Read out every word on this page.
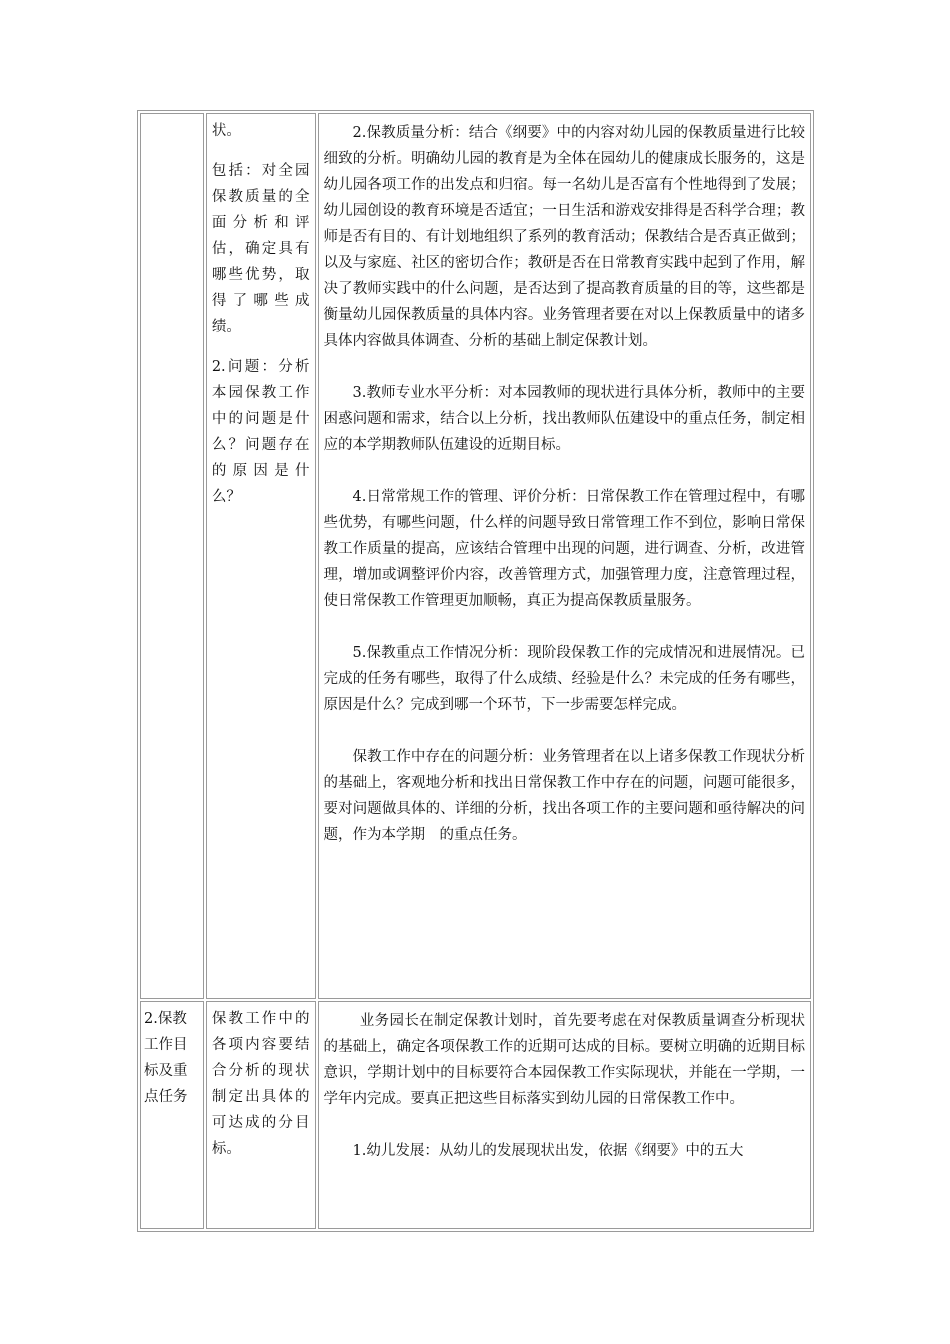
状。

包括：对全园保教质量的全面分析和评估，确定具有哪些优势，取得了哪些成绩。

2.问题：分析本园保教工作中的问题是什么？问题存在的原因是什么？

2.保教质量分析：结合《纲要》中的内容对幼儿园的保教质量进行比较细致的分析。明确幼儿园的教育是为全体在园幼儿的健康成长服务的，这是幼儿园各项工作的出发点和归宿。每一名幼儿是否富有个性地得到了发展；幼儿园创设的教育环境是否适宜；一日生活和游戏安排得是否科学合理；教师是否有目的、有计划地组织了系列的教育活动；保教结合是否真正做到；以及与家庭、社区的密切合作；教研是否在日常教育实践中起到了作用，解决了教师实践中的什么问题，是否达到了提高教育质量的目的等，这些都是衡量幼儿园保教质量的具体内容。业务管理者要在对以上保教质量中的诸多具体内容做具体调查、分析的基础上制定保教计划。

3.教师专业水平分析：对本园教师的现状进行具体分析，教师中的主要困惑问题和需求，结合以上分析，找出教师队伍建设中的重点任务，制定相应的本学期教师队伍建设的近期目标。

4.日常常规工作的管理、评价分析：日常保教工作在管理过程中，有哪些优势，有哪些问题，什么样的问题导致日常管理工作不到位，影响日常保教工作质量的提高，应该结合管理中出现的问题，进行调查、分析，改进管理，增加或调整评价内容，改善管理方式，加强管理力度，注意管理过程，使日常保教工作管理更加顺畅，真正为提高保教质量服务。

5.保教重点工作情况分析：现阶段保教工作的完成情况和进展情况。已完成的任务有哪些，取得了什么成绩、经验是什么？未完成的任务有哪些，原因是什么？完成到哪一个环节，下一步需要怎样完成。

保教工作中存在的问题分析：业务管理者在以上诸多保教工作现状分析的基础上，客观地分析和找出日常保教工作中存在的问题，问题可能很多，要对问题做具体的、详细的分析，找出各项工作的主要问题和亟待解决的问题，作为本学期　的重点任务。

2.保教工作目标及重点任务

保教工作中的各项内容要结合分析的现状制定出具体的可达成的分目标。

业务园长在制定保教计划时，首先要考虑在对保教质量调查分析现状的基础上，确定各项保教工作的近期可达成的目标。要树立明确的近期目标意识，学期计划中的目标要符合本园保教工作实际现状，并能在一学期，一学年内完成。要真正把这些目标落实到幼儿园的日常保教工作中。

1.幼儿发展：从幼儿的发展现状出发，依据《纲要》中的五大
